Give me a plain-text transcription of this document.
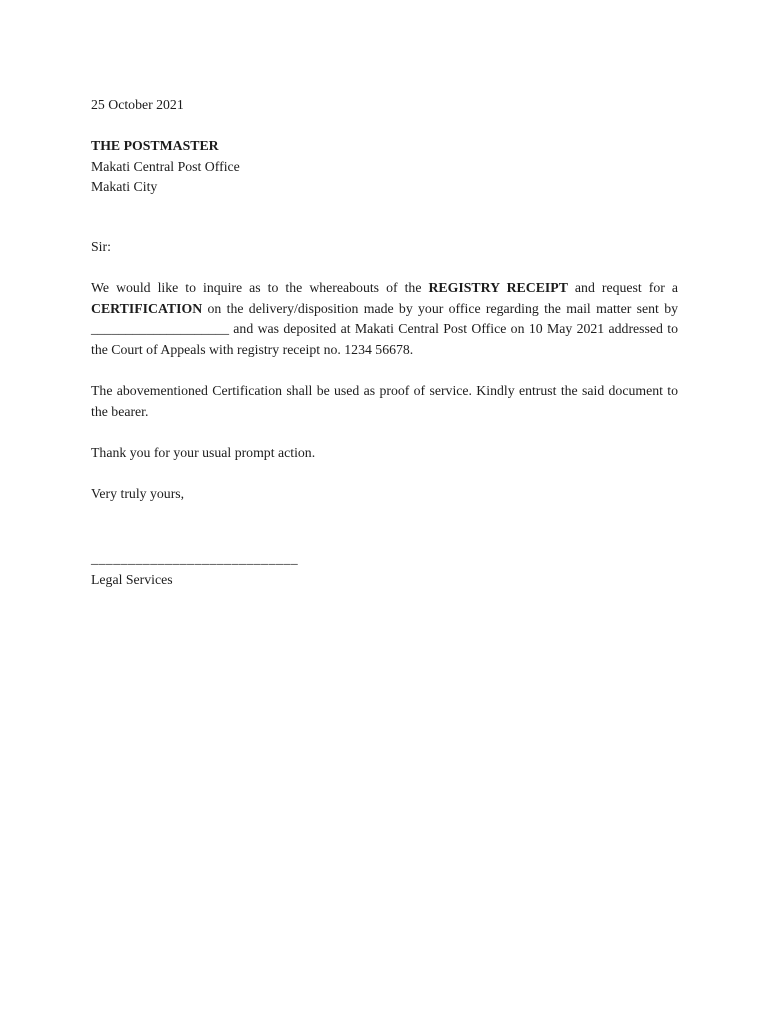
25 October 2021

THE POSTMASTER

Makati Central Post Office

Makati City

Sir:

We would like to inquire as to the whereabouts of the REGISTRY RECEIPT and request for a CERTIFICATION on the delivery/disposition made by your office regarding the mail matter sent by ____________________ and was deposited at Makati Central Post Office on 10 May 2021 addressed to the Court of Appeals with registry receipt no. 1234 56678.

The abovementioned Certification shall be used as proof of service. Kindly entrust the said document to the bearer.

Thank you for your usual prompt action.

Very truly yours,

____________________________
Legal Services
